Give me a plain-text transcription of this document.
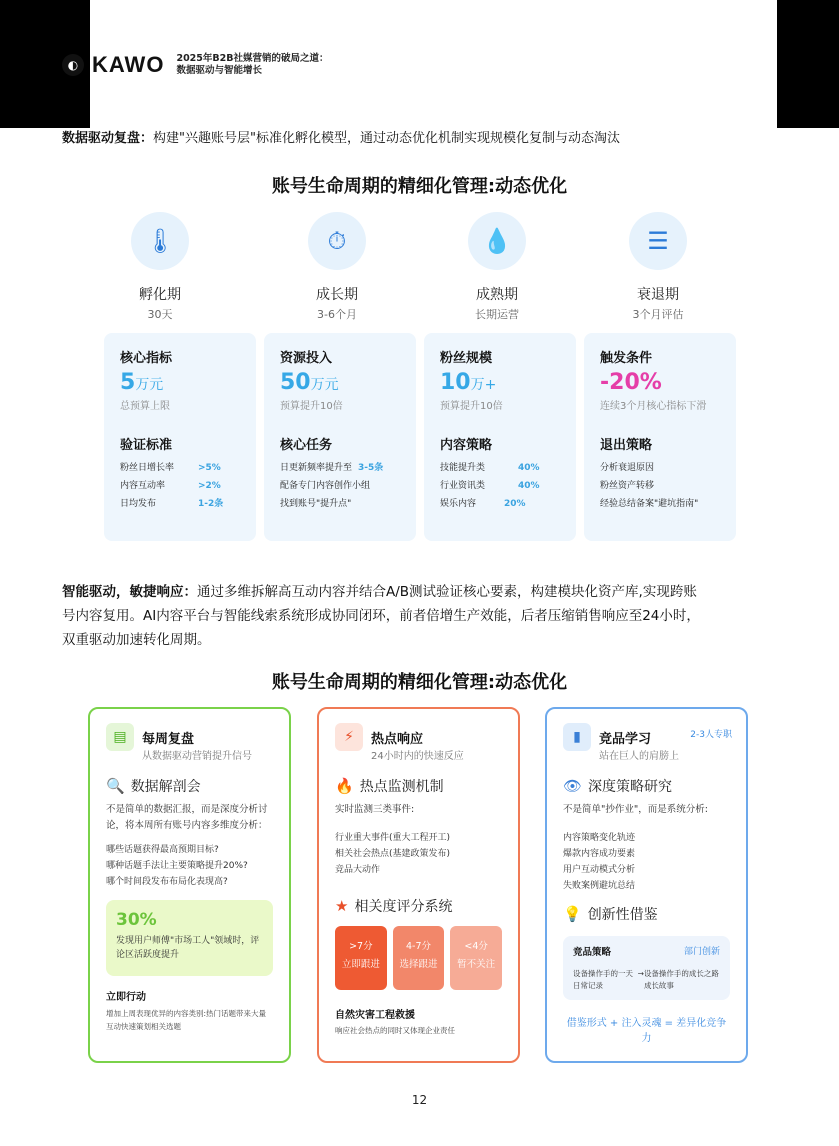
◐ KAWO 2025年B2B社媒营销的破局之道：
数据驱动与智能增长
数据驱动复盘：构建"兴趣账号层"标准化孵化模型，通过动态优化机制实现规模化复制与动态淘汰
账号生命周期的精细化管理:动态优化
🌡
孵化期
30天
⏱
成长期
3-6个月
💧
成熟期
长期运营
☰
衰退期
3个月评估
核心指标
5万元
总预算上限
验证标准
粉丝日增长率	>5%
内容互动率	>2%
日均发布	1-2条
资源投入
50万元
预算提升10倍
核心任务
日更新频率提升至 3-5条
配备专门内容创作小组
找到账号"提升点"
粉丝规模
10万+
预算提升10倍
内容策略
技能提升类	40%
行业资讯类	40%
娱乐内容	20%
触发条件
-20%
连续3个月核心指标下滑
退出策略
分析衰退原因
粉丝资产转移
经验总结备案"避坑指南"
智能驱动，敏捷响应：通过多维拆解高互动内容并结合A/B测试验证核心要素，构建模块化资产库,实现跨账号内容复用。AI内容平台与智能线索系统形成协同闭环，前者倍增生产效能，后者压缩销售响应至24小时，双重驱动加速转化周期。
账号生命周期的精细化管理:动态优化
▤	每周复盘
从数据驱动营销提升信号
🔍 数据解剖会
不是简单的数据汇报，而是深度分析讨论，将本周所有账号内容多维度分析：
哪些话题获得最高预期目标?
哪种话题手法让主要策略提升20%?
哪个时间段发布布局化表现高?
30%
发现用户师傅"市场工人"领域时，评论区活跃度提升
立即行动
增加上周表现优异的内容类别:热门话题带来大量互动快速策划相关选题
⚡	热点响应
24小时内的快速反应
🔥 热点监测机制
实时监测三类事件:
行业重大事件(重大工程开工)
相关社会热点(基建政策发布)
竞品大动作
★ 相关度评分系统
>7分
立即跟进
4-7分
选择跟进
<4分
暂不关注
自然灾害工程救援
响应社会热点的同时又体现企业责任
▮	竞品学习	2-3人专职
站在巨人的肩膀上
👁 深度策略研究
不是简单"抄作业"，而是系统分析:
内容策略变化轨迹
爆款内容成功要素
用户互动模式分析
失败案例避坑总结
💡 创新性借鉴
竞品策略	部门创新
设备操作手的一天 日常记录
→ 设备操作手的成长之路 成长故事
借鉴形式 + 注入灵魂 = 差异化竞争力
12
